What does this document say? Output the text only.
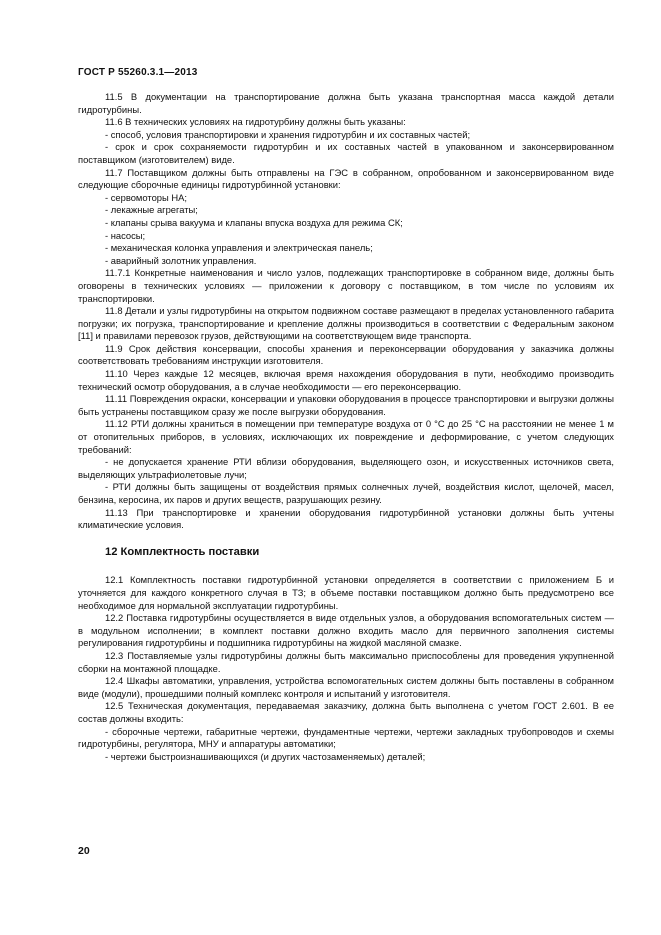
ГОСТ Р 55260.3.1—2013

11.5 В документации на транспортирование должна быть указана транспортная масса каждой детали гидротурбины.

11.6 В технических условиях на гидротурбину должны быть указаны:

- способ, условия транспортировки и хранения гидротурбин и их составных частей;

- срок и срок сохраняемости гидротурбин и их составных частей в упакованном и законсервированном поставщиком (изготовителем) виде.

11.7 Поставщиком должны быть отправлены на ГЭС в собранном, опробованном и законсервированном виде следующие сборочные единицы гидротурбинной установки:

- сервомоторы НА;

- лекажные агрегаты;

- клапаны срыва вакуума и клапаны впуска воздуха для режима СК;

- насосы;

- механическая колонка управления и электрическая панель;

- аварийный золотник управления.

11.7.1 Конкретные наименования и число узлов, подлежащих транспортировке в собранном виде, должны быть оговорены в технических условиях — приложении к договору с поставщиком, в том числе по условиям их транспортировки.

11.8 Детали и узлы гидротурбины на открытом подвижном составе размещают в пределах установленного габарита погрузки; их погрузка, транспортирование и крепление должны производиться в соответствии с Федеральным законом [11] и правилами перевозок грузов, действующими на соответствующем виде транспорта.

11.9 Срок действия консервации, способы хранения и переконсервации оборудования у заказчика должны соответствовать требованиям инструкции изготовителя.

11.10 Через каждые 12 месяцев, включая время нахождения оборудования в пути, необходимо производить технический осмотр оборудования, а в случае необходимости — его переконсервацию.

11.11 Повреждения окраски, консервации и упаковки оборудования в процессе транспортировки и выгрузки должны быть устранены поставщиком сразу же после выгрузки оборудования.

11.12 РТИ должны храниться в помещении при температуре воздуха от 0 °С до 25 °С на расстоянии не менее 1 м от отопительных приборов, в условиях, исключающих их повреждение и деформирование, с учетом следующих требований:

- не допускается хранение РТИ вблизи оборудования, выделяющего озон, и искусственных источников света, выделяющих ультрафиолетовые лучи;

- РТИ должны быть защищены от воздействия прямых солнечных лучей, воздействия кислот, щелочей, масел, бензина, керосина, их паров и других веществ, разрушающих резину.

11.13 При транспортировке и хранении оборудования гидротурбинной установки должны быть учтены климатические условия.

12 Комплектность поставки

12.1 Комплектность поставки гидротурбинной установки определяется в соответствии с приложением Б и уточняется для каждого конкретного случая в ТЗ; в объеме поставки поставщиком должно быть предусмотрено все необходимое для нормальной эксплуатации гидротурбины.

12.2 Поставка гидротурбины осуществляется в виде отдельных узлов, а оборудования вспомогательных систем — в модульном исполнении; в комплект поставки должно входить масло для первичного заполнения системы регулирования гидротурбины и подшипника гидротурбины на жидкой масляной смазке.

12.3 Поставляемые узлы гидротурбины должны быть максимально приспособлены для проведения укрупненной сборки на монтажной площадке.

12.4 Шкафы автоматики, управления, устройства вспомогательных систем должны быть поставлены в собранном виде (модули), прошедшими полный комплекс контроля и испытаний у изготовителя.

12.5 Техническая документация, передаваемая заказчику, должна быть выполнена с учетом ГОСТ 2.601. В ее состав должны входить:

- сборочные чертежи, габаритные чертежи, фундаментные чертежи, чертежи закладных трубопроводов и схемы гидротурбины, регулятора, МНУ и аппаратуры автоматики;

- чертежи быстроизнашивающихся (и других частозаменяемых) деталей;

20
